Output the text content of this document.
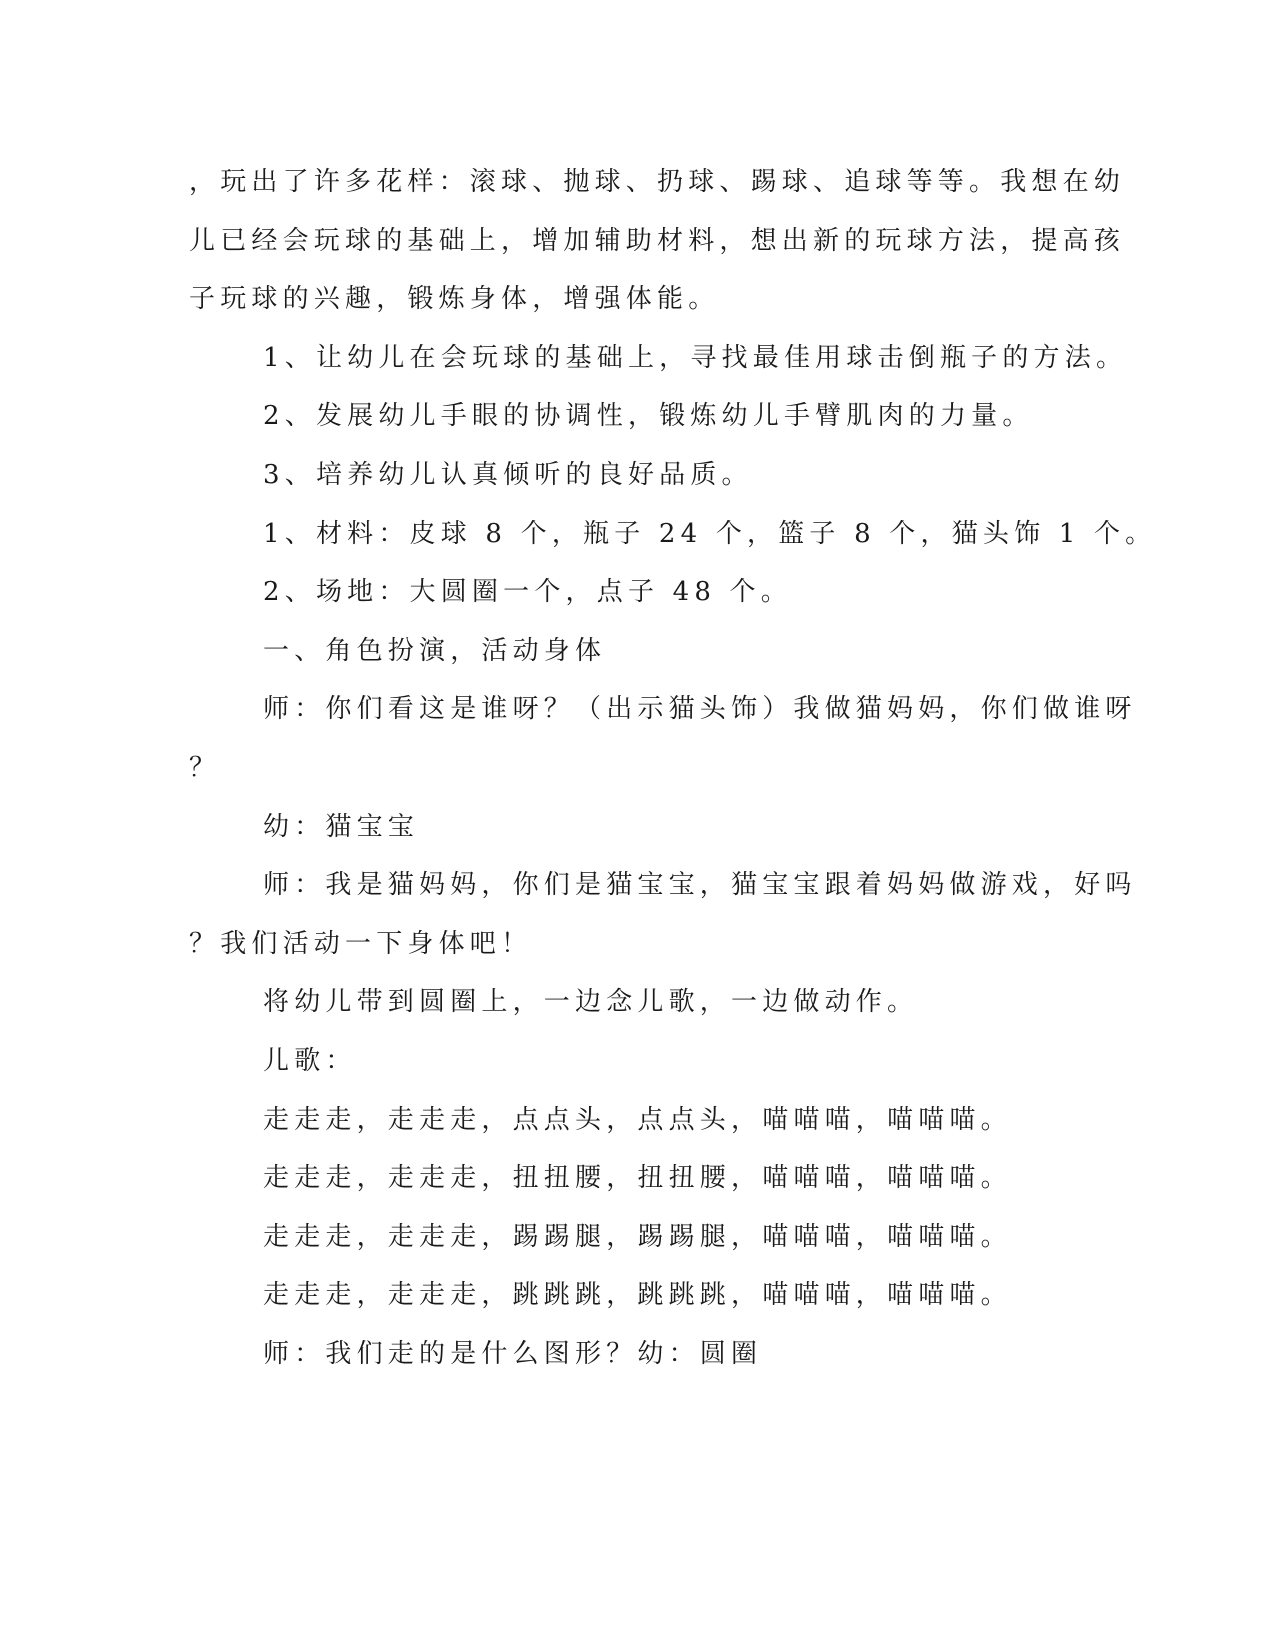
，玩出了许多花样：滚球、抛球、扔球、踢球、追球等等。我想在幼
儿已经会玩球的基础上，增加辅助材料，想出新的玩球方法，提高孩
子玩球的兴趣，锻炼身体，增强体能。
1、让幼儿在会玩球的基础上，寻找最佳用球击倒瓶子的方法。
2、发展幼儿手眼的协调性，锻炼幼儿手臂肌肉的力量。
3、培养幼儿认真倾听的良好品质。
1、材料：皮球 8 个，瓶子 24 个，篮子 8 个，猫头饰 1 个。
2、场地：大圆圈一个，点子 48 个。
一、角色扮演，活动身体
师：你们看这是谁呀？（出示猫头饰）我做猫妈妈，你们做谁呀
？
幼：猫宝宝
师：我是猫妈妈，你们是猫宝宝，猫宝宝跟着妈妈做游戏，好吗
？我们活动一下身体吧！
将幼儿带到圆圈上，一边念儿歌，一边做动作。
儿歌：
走走走，走走走，点点头，点点头，喵喵喵，喵喵喵。
走走走，走走走，扭扭腰，扭扭腰，喵喵喵，喵喵喵。
走走走，走走走，踢踢腿，踢踢腿，喵喵喵，喵喵喵。
走走走，走走走，跳跳跳，跳跳跳，喵喵喵，喵喵喵。
师：我们走的是什么图形？幼：圆圈
